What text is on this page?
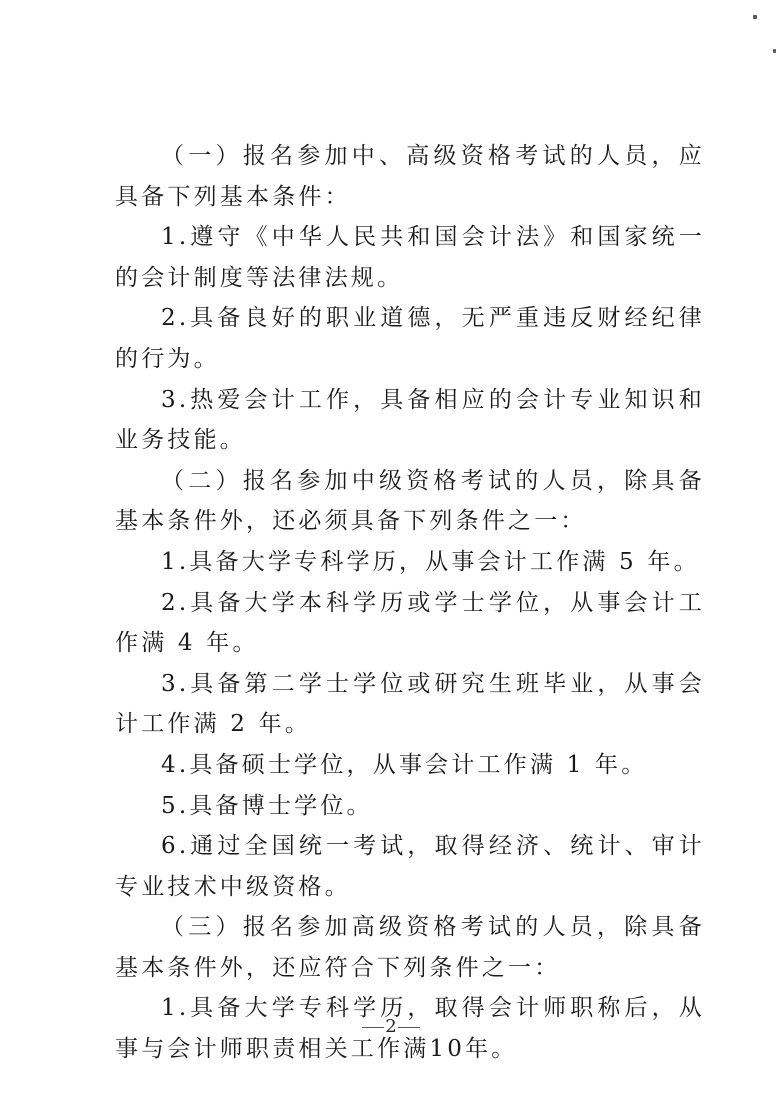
（一）报名参加中、高级资格考试的人员，应具备下列基本条件：

1.遵守《中华人民共和国会计法》和国家统一的会计制度等法律法规。

2.具备良好的职业道德，无严重违反财经纪律的行为。

3.热爱会计工作，具备相应的会计专业知识和业务技能。

（二）报名参加中级资格考试的人员，除具备基本条件外，还必须具备下列条件之一：

1.具备大学专科学历，从事会计工作满 5 年。

2.具备大学本科学历或学士学位，从事会计工作满 4 年。

3.具备第二学士学位或研究生班毕业，从事会计工作满 2 年。

4.具备硕士学位，从事会计工作满 1 年。

5.具备博士学位。

6.通过全国统一考试，取得经济、统计、审计专业技术中级资格。

（三）报名参加高级资格考试的人员，除具备基本条件外，还应符合下列条件之一：

1.具备大学专科学历，取得会计师职称后，从事与会计师职责相关工作满10年。

2
